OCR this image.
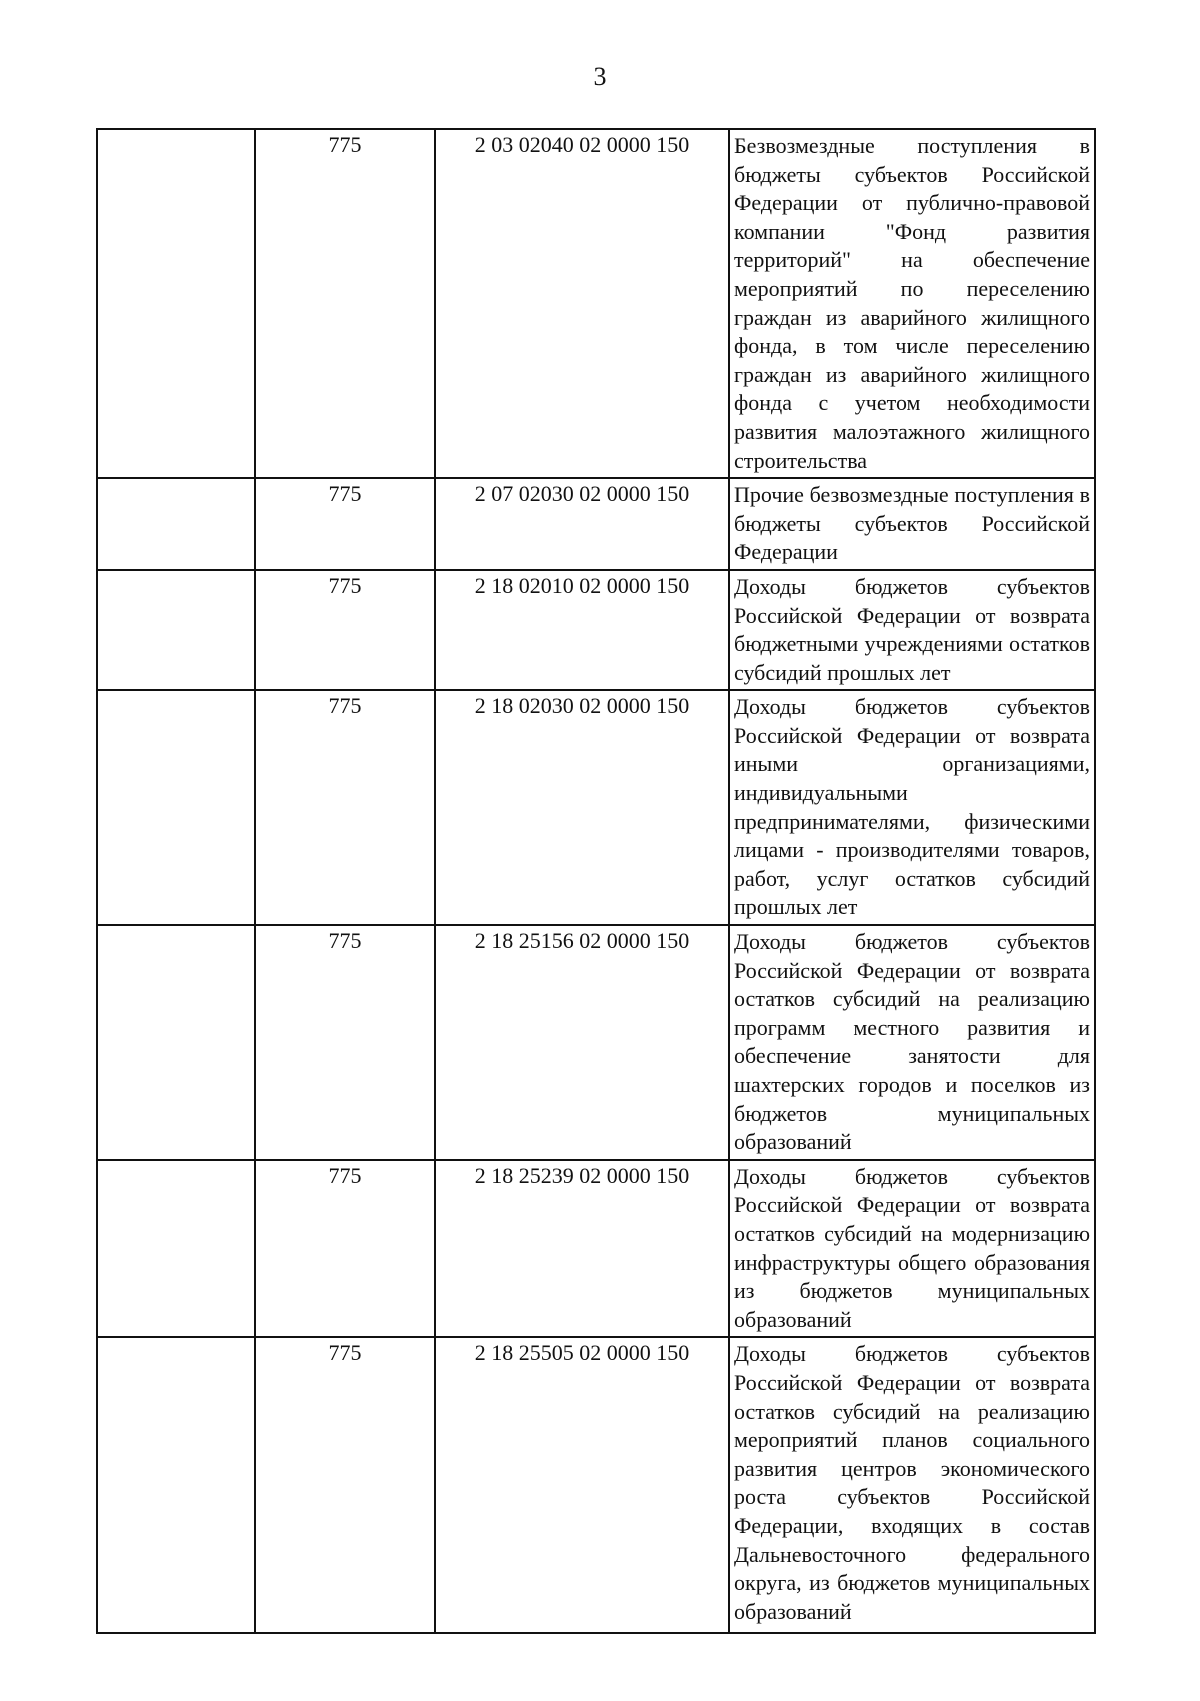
3
	775	2 03 02040 02 0000 150	Безвозмездные поступления в бюджеты субъектов Российской Федерации от публично-правовой компании "Фонд развития территорий" на обеспечение мероприятий по переселению граждан из аварийного жилищного фонда, в том числе переселению граждан из аварийного жилищного фонда с учетом необходимости развития малоэтажного жилищного строительства
	775	2 07 02030 02 0000 150	Прочие безвозмездные поступления в бюджеты субъектов Российской Федерации
	775	2 18 02010 02 0000 150	Доходы бюджетов субъектов Российской Федерации от возврата бюджетными учреждениями остатков субсидий прошлых лет
	775	2 18 02030 02 0000 150	Доходы бюджетов субъектов Российской Федерации от возврата иными организациями, индивидуальными предпринимателями, физическими лицами - производителями товаров, работ, услуг остатков субсидий прошлых лет
	775	2 18 25156 02 0000 150	Доходы бюджетов субъектов Российской Федерации от возврата остатков субсидий на реализацию программ местного развития и обеспечение занятости для шахтерских городов и поселков из бюджетов муниципальных образований
	775	2 18 25239 02 0000 150	Доходы бюджетов субъектов Российской Федерации от возврата остатков субсидий на модернизацию инфраструктуры общего образования из бюджетов муниципальных образований
	775	2 18 25505 02 0000 150	Доходы бюджетов субъектов Российской Федерации от возврата остатков субсидий на реализацию мероприятий планов социального развития центров экономического роста субъектов Российской Федерации, входящих в состав Дальневосточного федерального округа, из бюджетов муниципальных образований
